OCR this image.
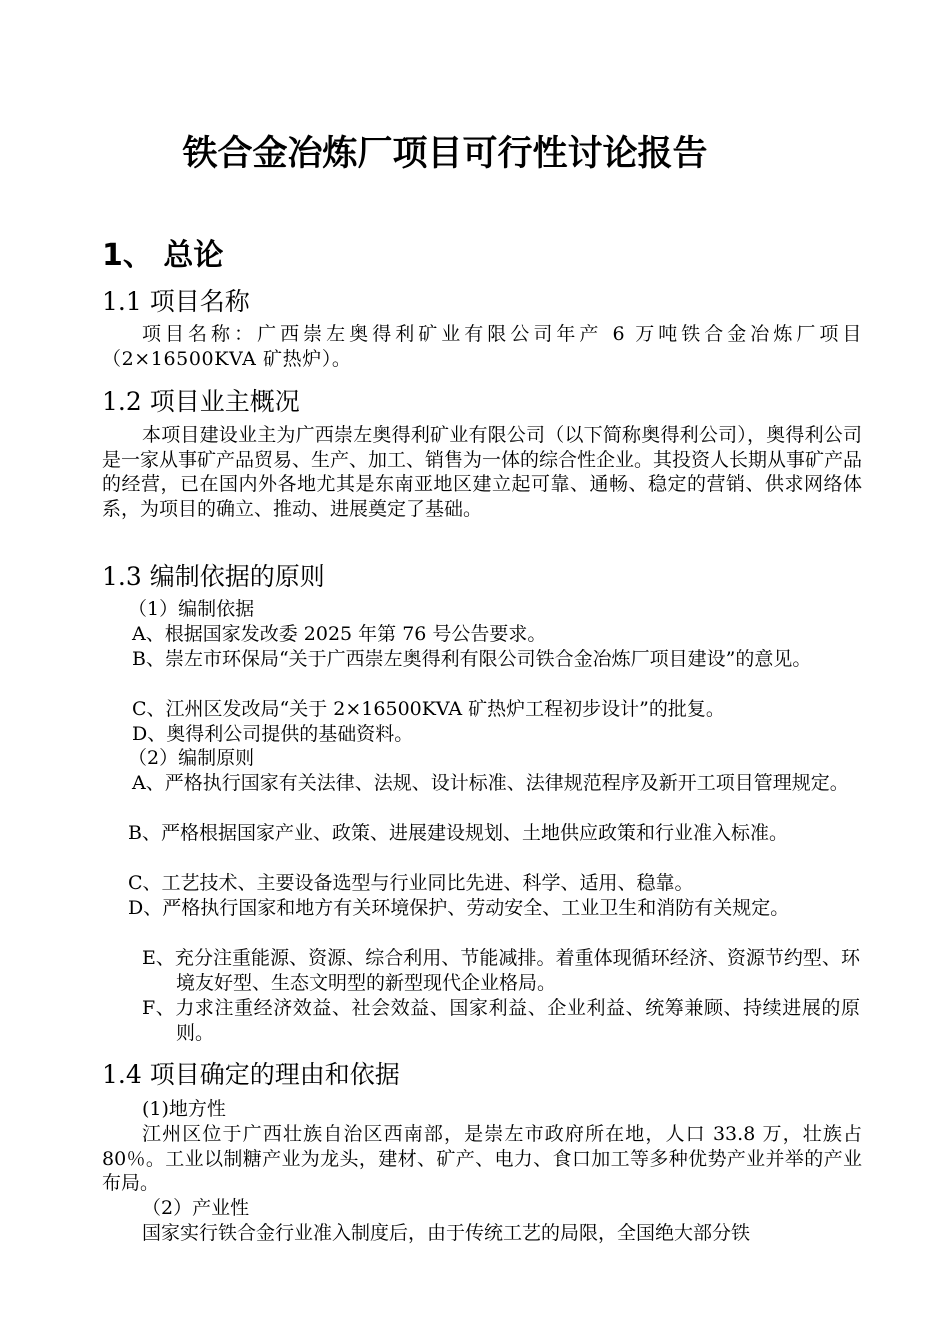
铁合金冶炼厂项目可行性讨论报告
1、 总论
1.1 项目名称

项目名称：广西崇左奥得利矿业有限公司年产 6 万吨铁合金冶炼厂项目（2×16500KVA 矿热炉）。

1.2 项目业主概况

本项目建设业主为广西崇左奥得利矿业有限公司（以下简称奥得利公司），奥得利公司是一家从事矿产品贸易、生产、加工、销售为一体的综合性企业。其投资人长期从事矿产品的经营，已在国内外各地尤其是东南亚地区建立起可靠、通畅、稳定的营销、供求网络体系，为项目的确立、推动、进展奠定了基础。

1.3 编制依据的原则

（1）编制依据

A、根据国家发改委 2025 年第 76 号公告要求。

B、崇左市环保局“关于广西崇左奥得利有限公司铁合金冶炼厂项目建设”的意见。

C、江州区发改局“关于 2×16500KVA 矿热炉工程初步设计”的批复。

D、奥得利公司提供的基础资料。

（2）编制原则

A、严格执行国家有关法律、法规、设计标准、法律规范程序及新开工项目管理规定。

B、严格根据国家产业、政策、进展建设规划、土地供应政策和行业准入标准。

C、工艺技术、主要设备选型与行业同比先进、科学、适用、稳靠。

D、严格执行国家和地方有关环境保护、劳动安全、工业卫生和消防有关规定。

E、充分注重能源、资源、综合利用、节能减排。着重体现循环经济、资源节约型、环境友好型、生态文明型的新型现代企业格局。

F、力求注重经济效益、社会效益、国家利益、企业利益、统筹兼顾、持续进展的原则。

1.4 项目确定的理由和依据

(1)地方性

江州区位于广西壮族自治区西南部，是崇左市政府所在地，人口 33.8 万，壮族占 80％。工业以制糖产业为龙头，建材、矿产、电力、食口加工等多种优势产业并举的产业布局。

（2）产业性

国家实行铁合金行业准入制度后，由于传统工艺的局限，全国绝大部分铁
